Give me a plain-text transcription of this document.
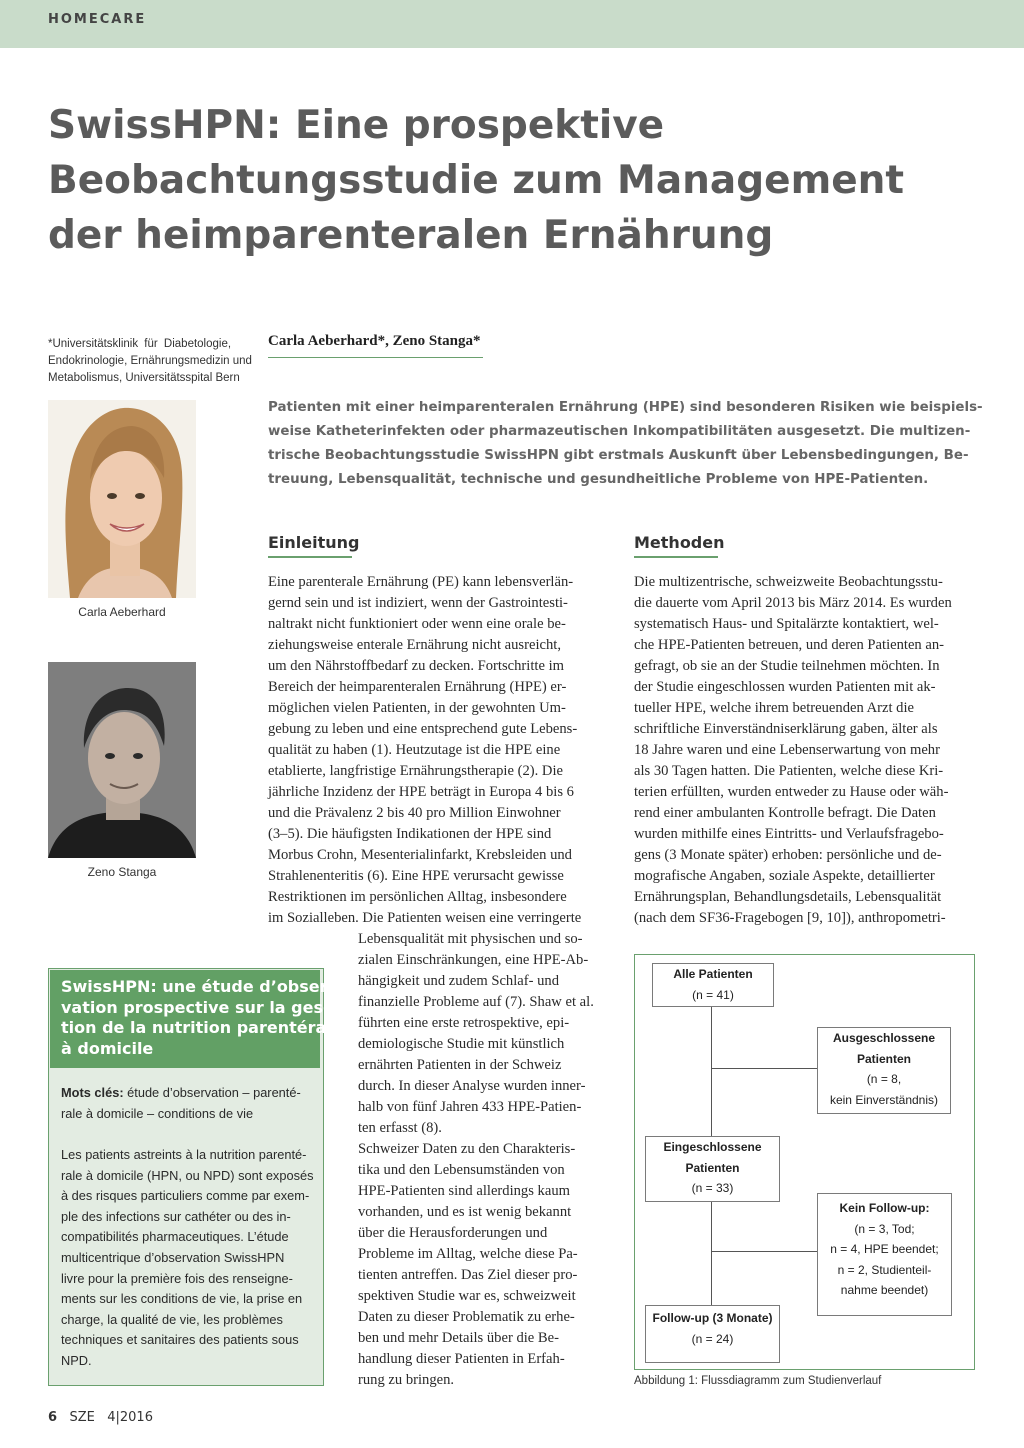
HOMECARE
SwissHPN: Eine prospektive
Beobachtungsstudie zum Management
der heimparenteralen Ernährung
*Universitätsklinik für Diabetologie,
Endokrinologie, Ernährungsmedizin und
Metabolismus, Universitätsspital Bern
Carla Aeberhard*, Zeno Stanga*
Patienten mit einer heimparenteralen Ernährung (HPE) sind besonderen Risiken wie beispiels-
weise Katheterinfekten oder pharmazeutischen Inkompatibilitäten ausgesetzt. Die multizen-
trische Beobachtungsstudie SwissHPN gibt erstmals Auskunft über Lebensbedingungen, Be-
treuung, Lebensqualität, technische und gesundheitliche Probleme von HPE-Patienten.
Carla Aeberhard
Zeno Stanga
Einleitung
Eine parenterale Ernährung (PE) kann lebensverlän-
gernd sein und ist indiziert, wenn der Gastrointesti-
naltrakt nicht funktioniert oder wenn eine orale be-
ziehungsweise enterale Ernährung nicht ausreicht,
um den Nährstoffbedarf zu decken. Fortschritte im
Bereich der heimparenteralen Ernährung (HPE) er-
möglichen vielen Patienten, in der gewohnten Um-
gebung zu leben und eine entsprechend gute Lebens-
qualität zu haben (1). Heutzutage ist die HPE eine
etablierte, langfristige Ernährungstherapie (2). Die
jährliche Inzidenz der HPE beträgt in Europa 4 bis 6
und die Prävalenz 2 bis 40 pro Million Einwohner
(3–5). Die häufigsten Indikationen der HPE sind
Morbus Crohn, Mesenterialinfarkt, Krebsleiden und
Strahlenenteritis (6). Eine HPE verursacht gewisse
Restriktionen im persönlichen Alltag, insbesondere
im Sozialleben. Die Patienten weisen eine verringerte
Lebensqualität mit physischen und so-
zialen Einschränkungen, eine HPE-Ab-
hängigkeit und zudem Schlaf- und
finanzielle Probleme auf (7). Shaw et al.
führten eine erste retrospektive, epi-
demiologische Studie mit künstlich
ernährten Patienten in der Schweiz
durch. In dieser Analyse wurden inner-
halb von fünf Jahren 433 HPE-Patien-
ten erfasst (8).
Schweizer Daten zu den Charakteris-
tika und den Lebensumständen von
HPE-Patienten sind allerdings kaum
vorhanden, und es ist wenig bekannt
über die Herausforderungen und
Probleme im Alltag, welche diese Pa-
tienten antreffen. Das Ziel dieser pro-
spektiven Studie war es, schweizweit
Daten zu dieser Problematik zu erhe-
ben und mehr Details über die Be-
handlung dieser Patienten in Erfah-
rung zu bringen.
Methoden
Die multizentrische, schweizweite Beobachtungsstu-
die dauerte vom April 2013 bis März 2014. Es wurden
systematisch Haus- und Spitalärzte kontaktiert, wel-
che HPE-Patienten betreuen, und deren Patienten an-
gefragt, ob sie an der Studie teilnehmen möchten. In
der Studie eingeschlossen wurden Patienten mit ak-
tueller HPE, welche ihrem betreuenden Arzt die
schriftliche Einverständniserklärung gaben, älter als
18 Jahre waren und eine Lebenserwartung von mehr
als 30 Tagen hatten. Die Patienten, welche diese Kri-
terien erfüllten, wurden entweder zu Hause oder wäh-
rend einer ambulanten Kontrolle befragt. Die Daten
wurden mithilfe eines Eintritts- und Verlaufsfragebo-
gens (3 Monate später) erhoben: persönliche und de-
mografische Angaben, soziale Aspekte, detaillierter
Ernährungsplan, Behandlungsdetails, Lebensqualität
(nach dem SF36-Fragebogen [9, 10]), anthropometri-
Alle Patienten
(n = 41)
Ausgeschlossene
Patienten
(n = 8,
kein Einverständnis)
Eingeschlossene
Patienten
(n = 33)
Kein Follow-up:
(n = 3, Tod;
n = 4, HPE beendet;
n = 2, Studienteil-
nahme beendet)
Follow-up (3 Monate)
(n = 24)
Abbildung 1: Flussdiagramm zum Studienverlauf
SwissHPN: une étude d’obser-
vation prospective sur la ges-
tion de la nutrition parentérale
à domicile
Mots clés: étude d’observation – parenté-
rale à domicile – conditions de vie
Les patients astreints à la nutrition parenté-
rale à domicile (HPN, ou NPD) sont exposés
à des risques particuliers comme par exem-
ple des infections sur cathéter ou des in-
compatibilités pharmaceutiques. L’étude
multicentrique d’observation SwissHPN
livre pour la première fois des renseigne-
ments sur les conditions de vie, la prise en
charge, la qualité de vie, les problèmes
techniques et sanitaires des patients sous
NPD.
6 SZE 4|2016
